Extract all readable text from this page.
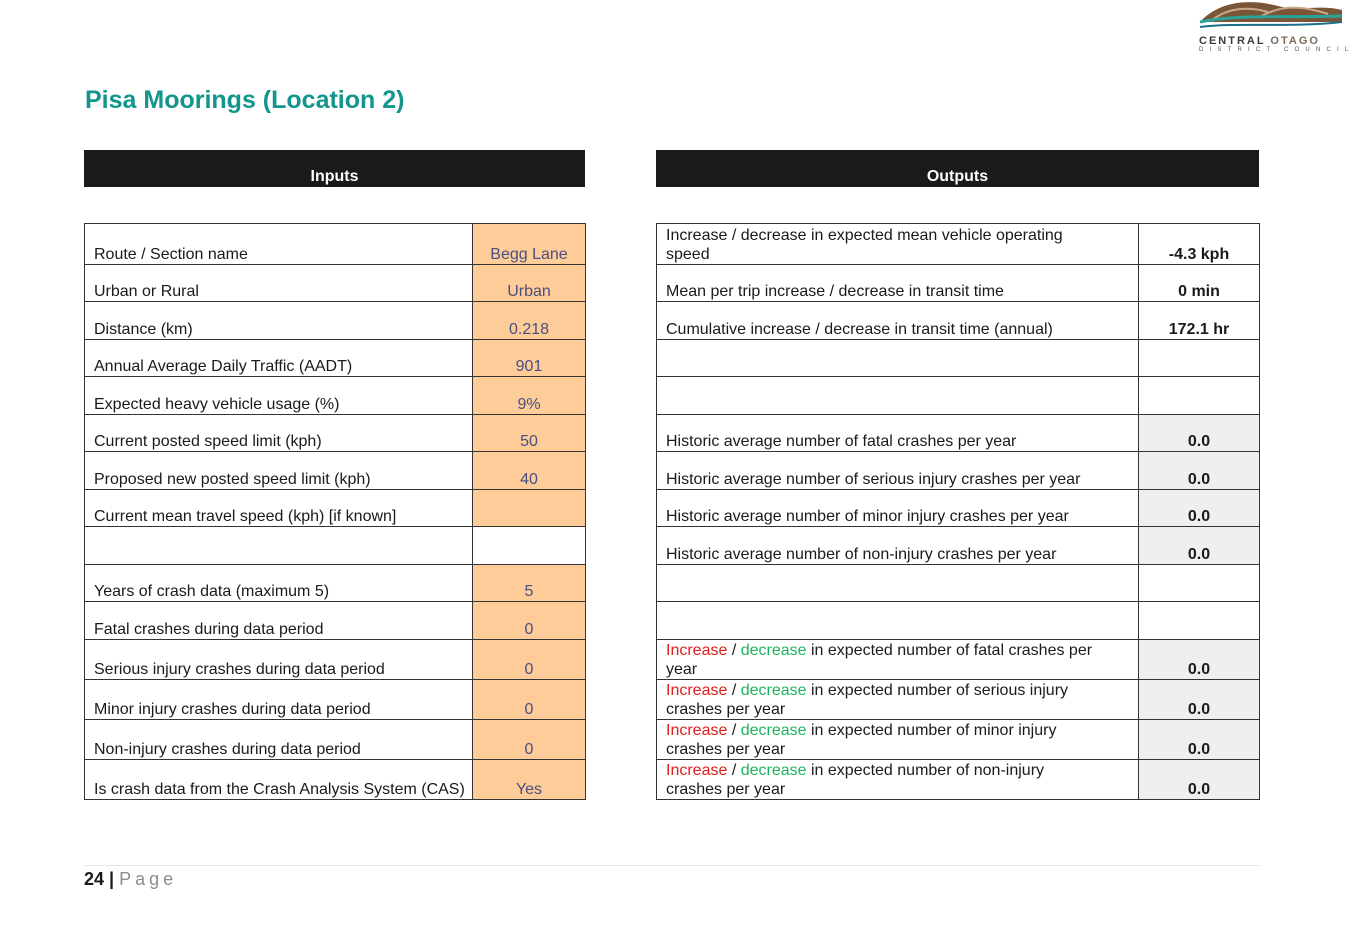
CENTRAL OTAGO
DISTRICT COUNCIL
Pisa Moorings (Location 2)
Inputs	Outputs
Route / Section name	Begg Lane
Urban or Rural	Urban
Distance (km)	0.218
Annual Average Daily Traffic (AADT)	901
Expected heavy vehicle usage (%)	9%
Current posted speed limit (kph)	50
Proposed new posted speed limit (kph)	40
Current mean travel speed (kph) [if known]	

Years of crash data (maximum 5)	5
Fatal crashes during data period	0
Serious injury crashes during data period	0
Minor injury crashes during data period	0
Non-injury crashes during data period	0
Is crash data from the Crash Analysis System (CAS)	Yes
Increase / decrease in expected mean vehicle operating speed	-4.3 kph
Mean per trip increase / decrease in transit time	0 min
Cumulative increase / decrease in transit time (annual)	172.1 hr

Historic average number of fatal crashes per year	0.0
Historic average number of serious injury crashes per year	0.0
Historic average number of minor injury crashes per year	0.0
Historic average number of non-injury crashes per year	0.0

Increase / decrease in expected number of fatal crashes per year	0.0
Increase / decrease in expected number of serious injury crashes per year	0.0
Increase / decrease in expected number of minor injury crashes per year	0.0
Increase / decrease in expected number of non-injury crashes per year	0.0
24 | Page
